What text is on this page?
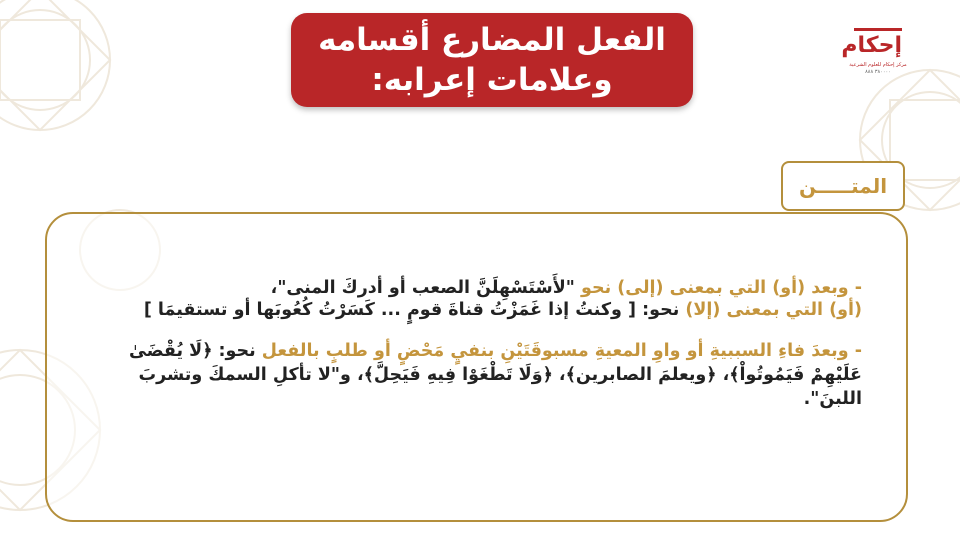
الفعل المضارع أقسامه
وعلامات إعرابه:
إحكام
مركز إحكام للعلوم الشرعية
٣٨٠٠٠٠ ٨٨٨
المتـــــن
- وبعد (أو) التي بمعنى (إلى) نحو "لأَسْتَسْهِلَنَّ الصعب أو أدركَ المنى"،
(أو) التي بمعنى (إلا) نحو: [ وكنتُ إذا غَمَزْتُ قناةَ قومٍ ... كَسَرْتُ كُعُوبَها أو تستقيمَا ]
- وبعدَ فاءِ السببيةِ أو واوِ المعيةِ مسبوقَتَيْنِ بنفيٍ مَحْضٍ أو طلبٍ بالفعل نحو: ﴿لَا يُقْضَىٰ عَلَيْهِمْ فَيَمُوتُواْ﴾، ﴿ويعلمَ الصابرين﴾، ﴿وَلَا تَطْغَوْا فِيهِ فَيَحِلَّ﴾، و"لا تأكلِ السمكَ وتشربَ اللبنَ".
